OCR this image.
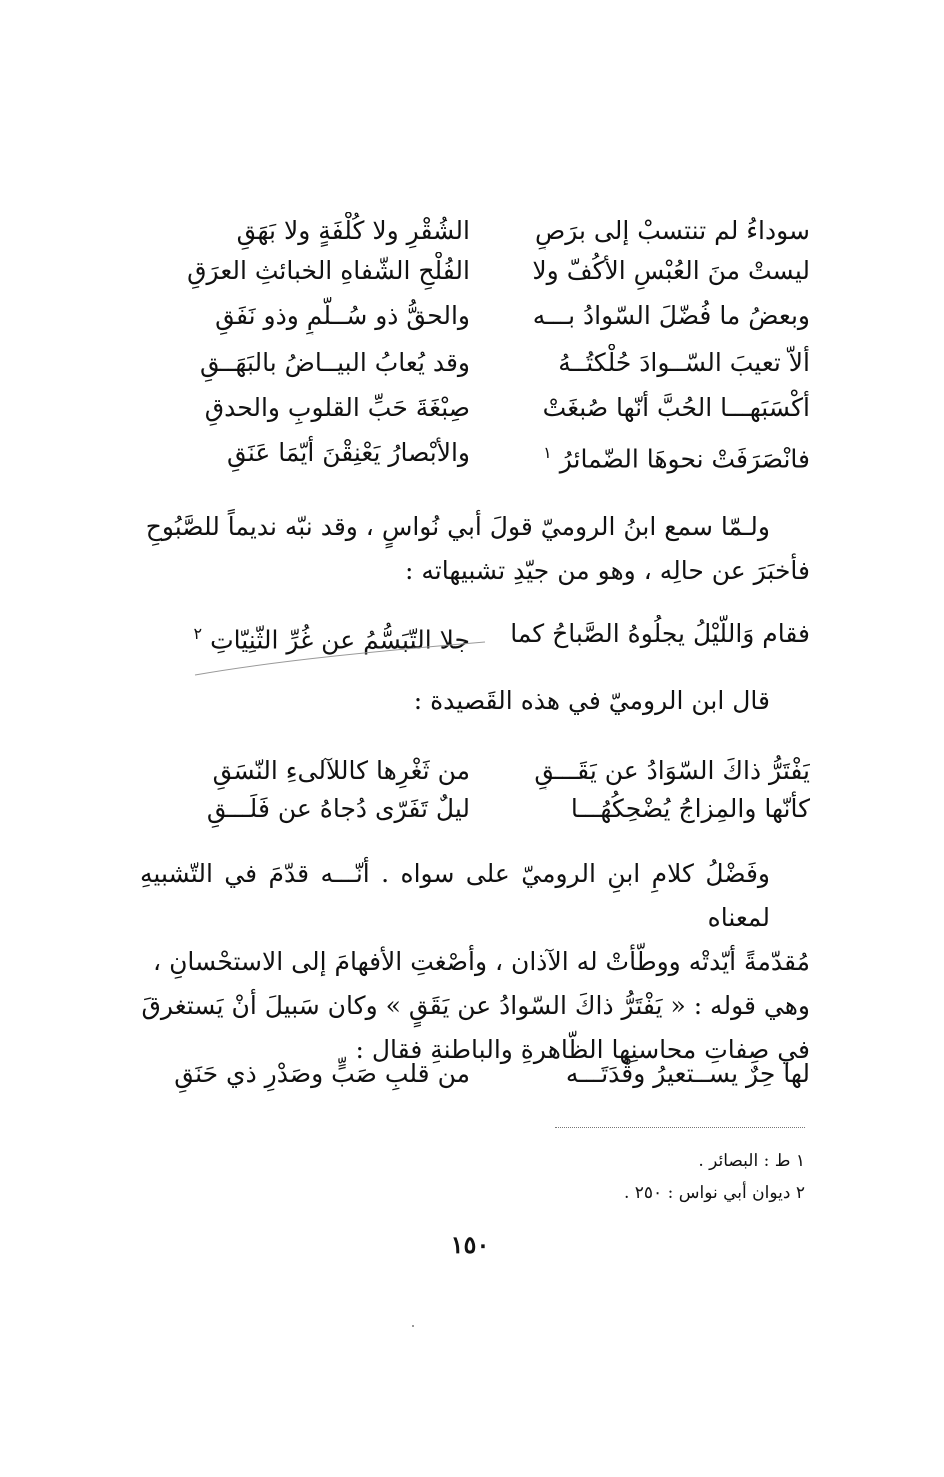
سوداءُ لم تنتسبْ إلى برَصٍ
الشُقْرِ ولا كُلْفَةٍ ولا بَهَقِ
ليستْ منَ العُبْسِ الأكُفّ ولا
الفُلْحِ الشّفاهِ الخبائثِ العرَقِ
وبعضُ ما فُضّلَ السّوادُ بـــه
والحقُّ ذو سُــلّمٍ وذو نَفَقِ
ألاّ تعيبَ السّــوادَ حُلْكتُــهُ
وقد يُعابُ البيــاضُ بالبَهَــقِ
أكْسَبَهـــا الحُبَّ أنّها صُبغَتْ
صِبْغَةَ حَبِّ القلوبِ والحدقِ
فانْصَرَفَتْ نحوهَا الضّمائرُ $^١$
والأبْصارُ يَعْنِقْنَ أيّمَا عَنَقِ

ولـمّا سمع ابنُ الروميّ قولَ أبي نُواسٍ ، وقد نبّه نديماً للصَّبُوحِ

فأخبَرَ عن حالِه ، وهو من جيّدِ تشبيهاته :

فقام وَاللّيْلُ يجلُوهُ الصَّباحُ كما
جلا التّبَسُّمُ عن غُرِّ الثّنِيّاتِ $^٢$
قال ابن الروميّ في هذه القَصيدة :
يَفْتَرُّ ذاكَ السّوَادُ عن يَقَـــقٍ
من ثَغْرِها كاللآلىءِ النّسَقِ
كأنّها والمِزاجُ يُضْحِكُهُـــا
ليلٌ تَفَرّى دُجاهُ عن فَلَـــقِ

وفَضْلُ كلامِ ابنِ الروميّ على سواه . أنّـــه قدّمَ في التّشبيهِ لمعناه

مُقدّمةً أيّدتْه ووطّأتْ له الآذان ، وأصْغتِ الأفهامَ إلى الاستحْسانِ ،

وهي قوله : « يَفْتَرُّ ذاكَ السّوادُ عن يَقَقٍ » وكان سَبيلَ أنْ يَستغرقَ

في صِفاتِ محاسنِها الظّاهرةِ والباطنةِ فقال :

لها حِرٌ يســتعيرُ وقْدَتَـــه
من قلبِ صَبٍّ وصَدْرِ ذي حَنَقِ
١ ط : البصائر .
٢ ديوان أبي نواس : ٢٥٠ .
١٥٠
